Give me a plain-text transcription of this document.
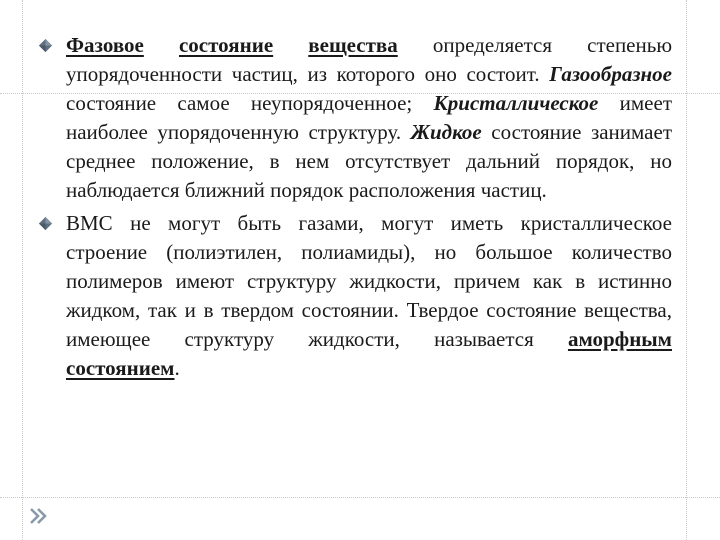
Фазовое состояние вещества определяется степенью упорядоченности частиц, из которого оно состоит. Газообразное состояние самое неупорядоченное; Кристаллическое имеет наиболее упорядоченную структуру. Жидкое состояние занимает среднее положение, в нем отсутствует дальний порядок, но наблюдается ближний порядок расположения частиц.
ВМС не могут быть газами, могут иметь кристаллическое строение (полиэтилен, полиамиды), но большое количество полимеров имеют структуру жидкости, причем как в истинно жидком, так и в твердом состоянии. Твердое состояние вещества, имеющее структуру жидкости, называется аморфным состоянием.
